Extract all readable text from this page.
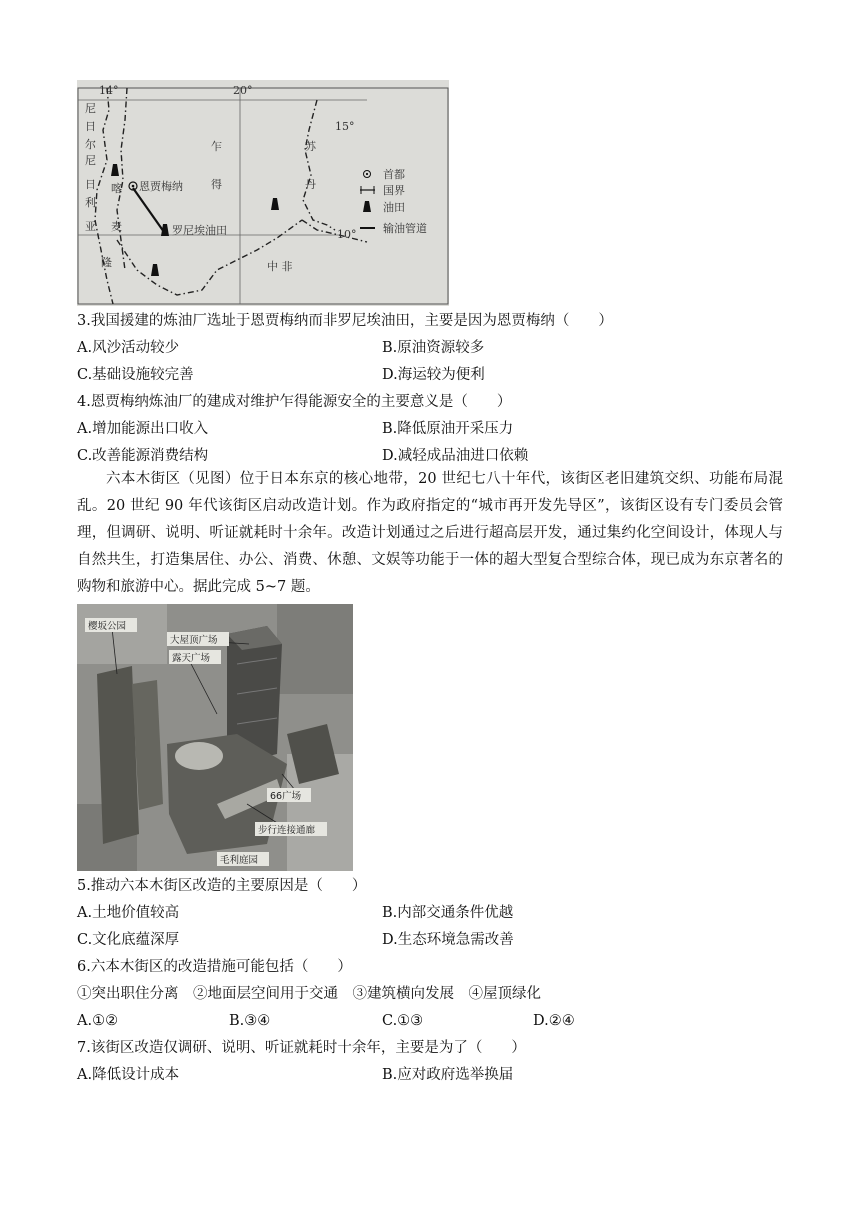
14°	20°
15°
10°
尼
日
尔
尼
日
利
亚
喀
麦
隆
乍
得
苏
丹
中 非
恩贾梅纳
罗尼埃油田
首都
国界
油田
输油管道
3.我国援建的炼油厂选址于恩贾梅纳而非罗尼埃油田，主要是因为恩贾梅纳（　　）
A.风沙活动较少	B.原油资源较多
C.基础设施较完善	D.海运较为便利
4.恩贾梅纳炼油厂的建成对维护乍得能源安全的主要意义是（　　）
A.增加能源出口收入	B.降低原油开采压力
C.改善能源消费结构	D.减轻成品油进口依赖
六本木街区（见图）位于日本东京的核心地带，20 世纪七八十年代，该街区老旧建筑交织、功能布局混乱。20 世纪 90 年代该街区启动改造计划。作为政府指定的“城市再开发先导区”，该街区设有专门委员会管理，但调研、说明、听证就耗时十余年。改造计划通过之后进行超高层开发，通过集约化空间设计，体现人与自然共生，打造集居住、办公、消费、休憩、文娱等功能于一体的超大型复合型综合体，现已成为东京著名的购物和旅游中心。据此完成 5~7 题。
樱坂公园
大屋顶广场
露天广场
66广场
步行连接通廊
毛利庭园
5.推动六本木街区改造的主要原因是（　　）
A.土地价值较高	B.内部交通条件优越
C.文化底蕴深厚	D.生态环境急需改善
6.六本木街区的改造措施可能包括（　　）
①突出职住分离　②地面层空间用于交通　③建筑横向发展　④屋顶绿化
A.①②	B.③④	C.①③	D.②④
7.该街区改造仅调研、说明、听证就耗时十余年，主要是为了（　　）
A.降低设计成本	B.应对政府选举换届
